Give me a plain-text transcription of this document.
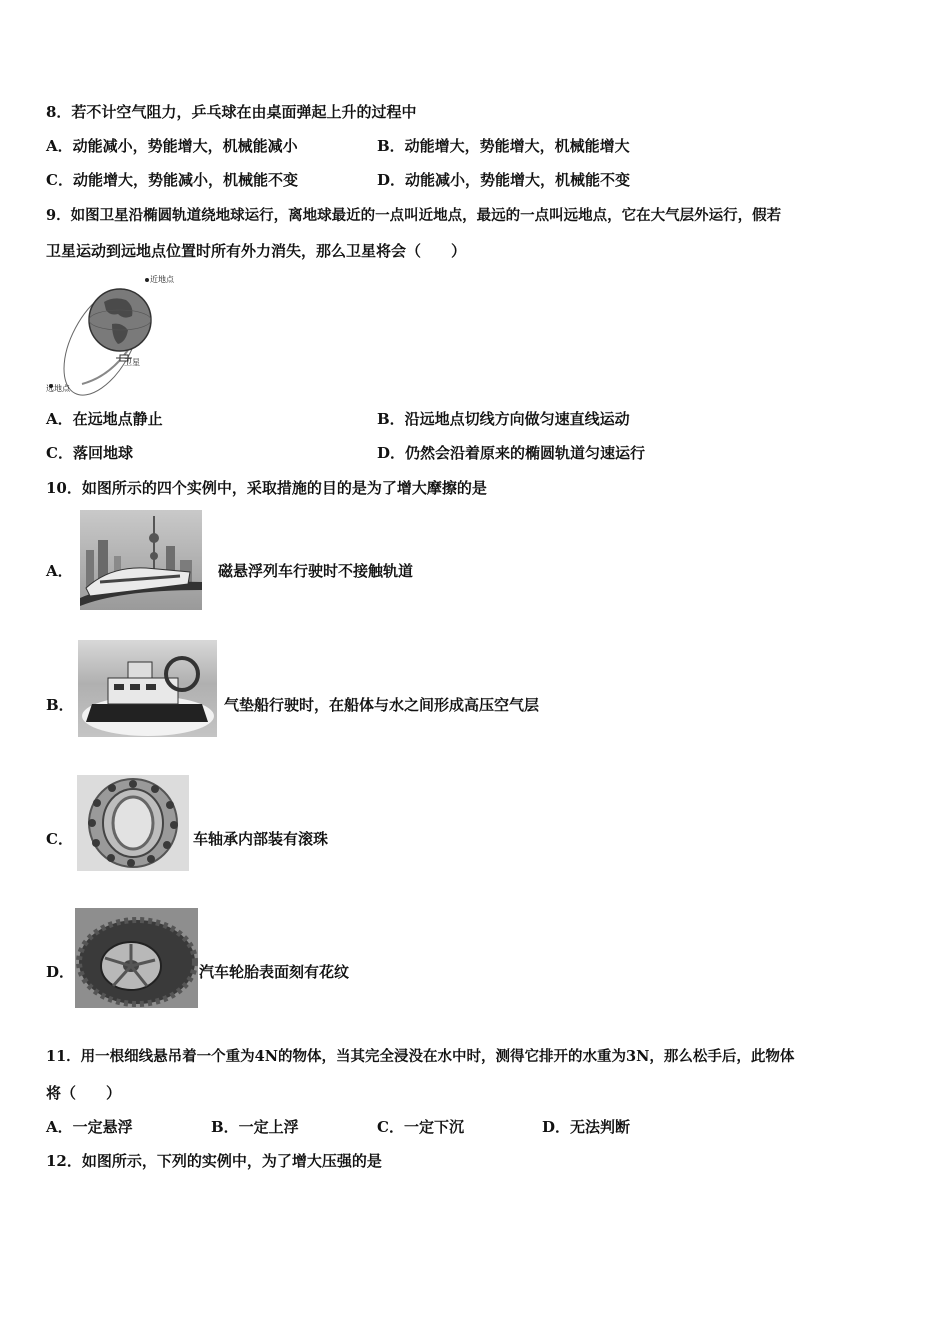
8．若不计空气阻力，乒乓球在由桌面弹起上升的过程中
A．动能减小，势能增大，机械能减小	B．动能增大，势能增大，机械能增大
C．动能增大，势能减小，机械能不变	D．动能减小，势能增大，机械能不变
9．如图卫星沿椭圆轨道绕地球运行，离地球最近的一点叫近地点，最远的一点叫远地点，它在大气层外运行，假若
卫星运动到远地点位置时所有外力消失，那么卫星将会（　　）
近地点
远地点
卫星
A．在远地点静止	B．沿远地点切线方向做匀速直线运动
C．落回地球	D．仍然会沿着原来的椭圆轨道匀速运行
10．如图所示的四个实例中，采取措施的目的是为了增大摩擦的是
A．	磁悬浮列车行驶时不接触轨道
B．	气垫船行驶时，在船体与水之间形成高压空气层
C．	车轴承内部装有滚珠
D．	汽车轮胎表面刻有花纹
11．用一根细线悬吊着一个重为4N的物体，当其完全浸没在水中时，测得它排开的水重为3N，那么松手后，此物体
将（　　）
A．一定悬浮	B．一定上浮	C．一定下沉	D．无法判断
12．如图所示，下列的实例中，为了增大压强的是
